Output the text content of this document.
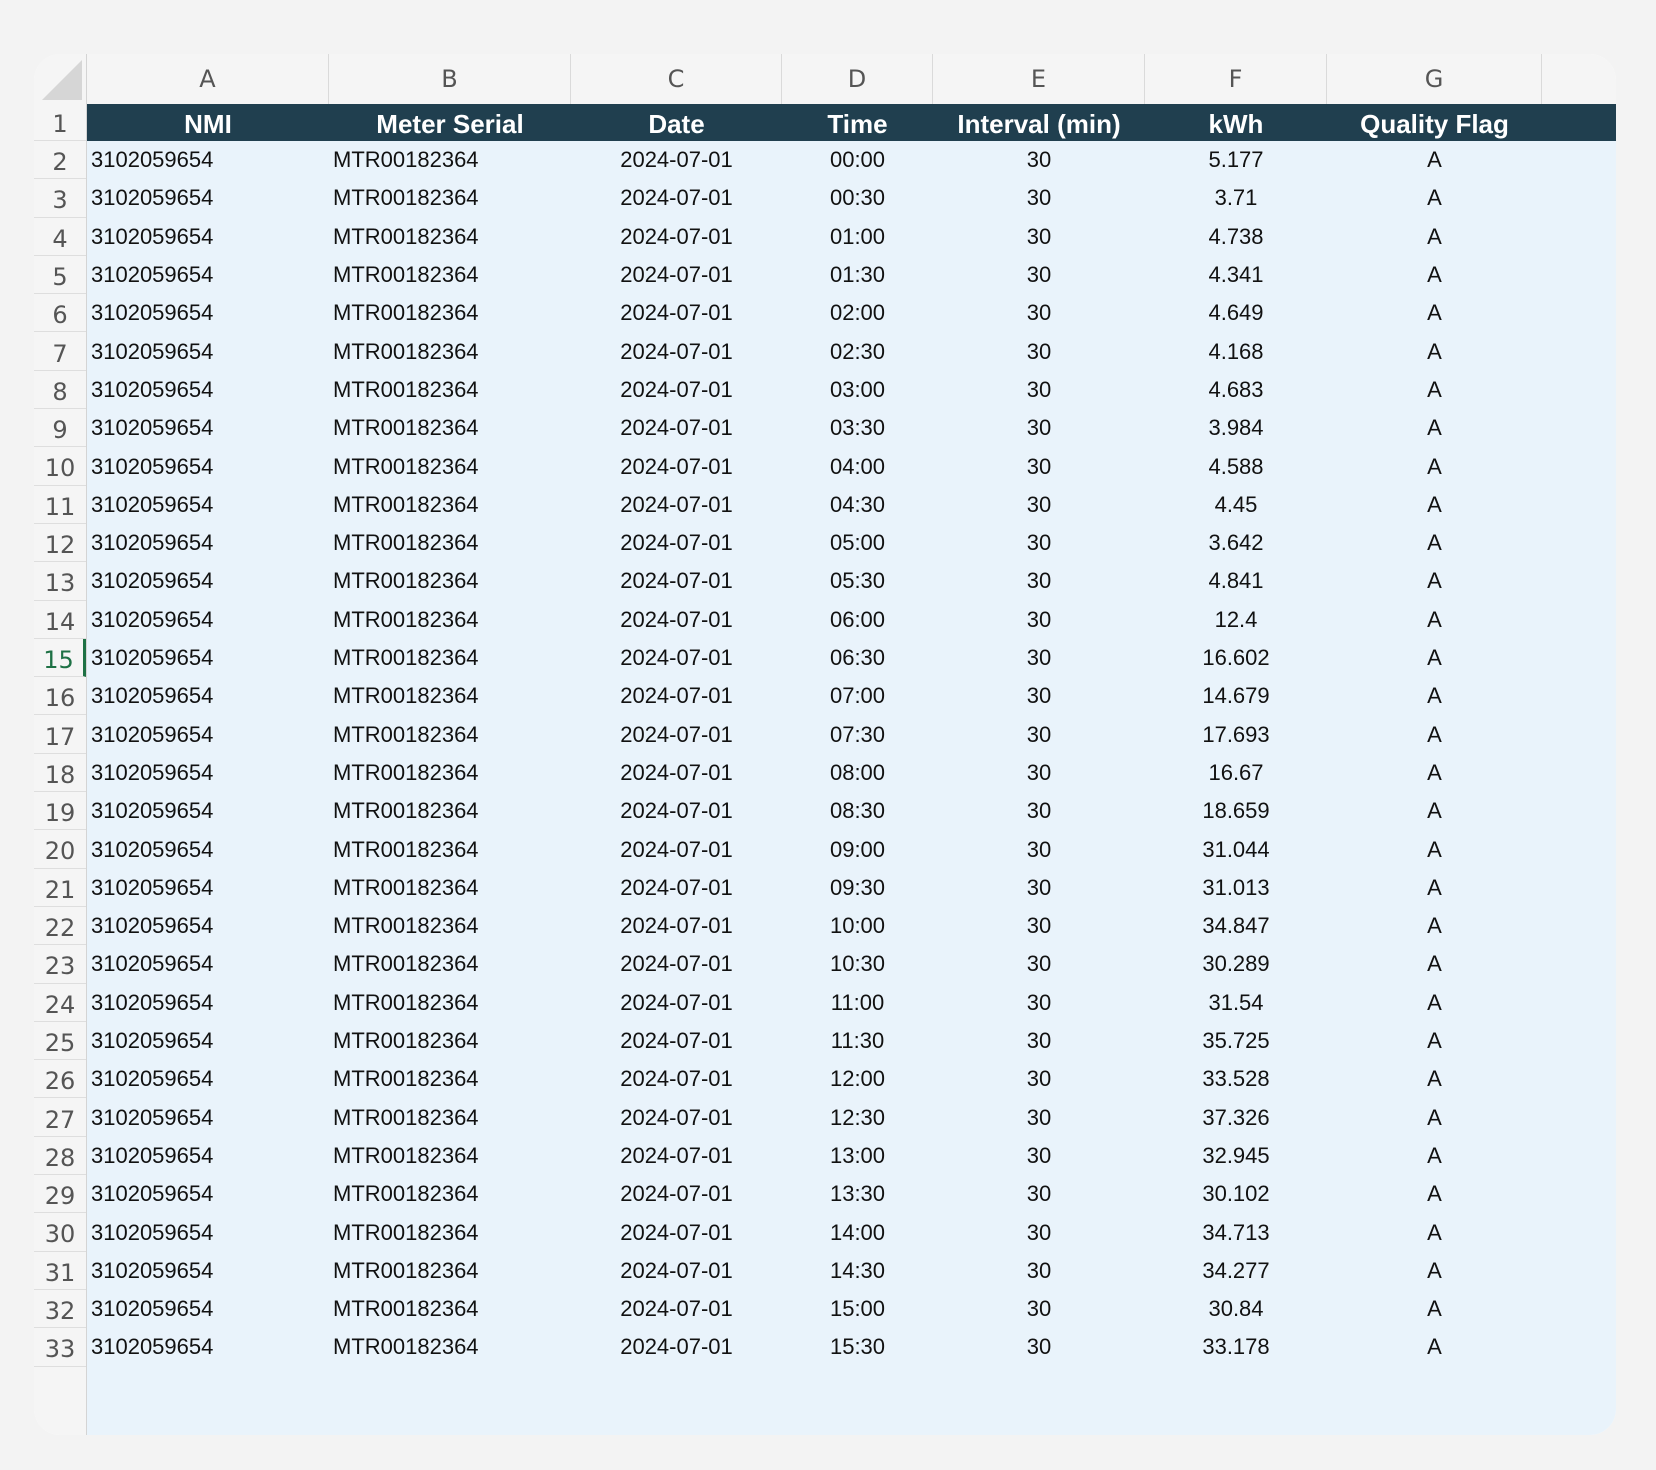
A	B	C	D	E	F	G
1
2
3
4
5
6
7
8
9
10
11
12
13
14
15
16
17
18
19
20
21
22
23
24
25
26
27
28
29
30
31
32
33
NMI	Meter Serial	Date	Time	Interval (min)	kWh	Quality Flag
3102059654	MTR00182364	2024-07-01	00:00	30	5.177	A
3102059654	MTR00182364	2024-07-01	00:30	30	3.71	A
3102059654	MTR00182364	2024-07-01	01:00	30	4.738	A
3102059654	MTR00182364	2024-07-01	01:30	30	4.341	A
3102059654	MTR00182364	2024-07-01	02:00	30	4.649	A
3102059654	MTR00182364	2024-07-01	02:30	30	4.168	A
3102059654	MTR00182364	2024-07-01	03:00	30	4.683	A
3102059654	MTR00182364	2024-07-01	03:30	30	3.984	A
3102059654	MTR00182364	2024-07-01	04:00	30	4.588	A
3102059654	MTR00182364	2024-07-01	04:30	30	4.45	A
3102059654	MTR00182364	2024-07-01	05:00	30	3.642	A
3102059654	MTR00182364	2024-07-01	05:30	30	4.841	A
3102059654	MTR00182364	2024-07-01	06:00	30	12.4	A
3102059654	MTR00182364	2024-07-01	06:30	30	16.602	A
3102059654	MTR00182364	2024-07-01	07:00	30	14.679	A
3102059654	MTR00182364	2024-07-01	07:30	30	17.693	A
3102059654	MTR00182364	2024-07-01	08:00	30	16.67	A
3102059654	MTR00182364	2024-07-01	08:30	30	18.659	A
3102059654	MTR00182364	2024-07-01	09:00	30	31.044	A
3102059654	MTR00182364	2024-07-01	09:30	30	31.013	A
3102059654	MTR00182364	2024-07-01	10:00	30	34.847	A
3102059654	MTR00182364	2024-07-01	10:30	30	30.289	A
3102059654	MTR00182364	2024-07-01	11:00	30	31.54	A
3102059654	MTR00182364	2024-07-01	11:30	30	35.725	A
3102059654	MTR00182364	2024-07-01	12:00	30	33.528	A
3102059654	MTR00182364	2024-07-01	12:30	30	37.326	A
3102059654	MTR00182364	2024-07-01	13:00	30	32.945	A
3102059654	MTR00182364	2024-07-01	13:30	30	30.102	A
3102059654	MTR00182364	2024-07-01	14:00	30	34.713	A
3102059654	MTR00182364	2024-07-01	14:30	30	34.277	A
3102059654	MTR00182364	2024-07-01	15:00	30	30.84	A
3102059654	MTR00182364	2024-07-01	15:30	30	33.178	A
